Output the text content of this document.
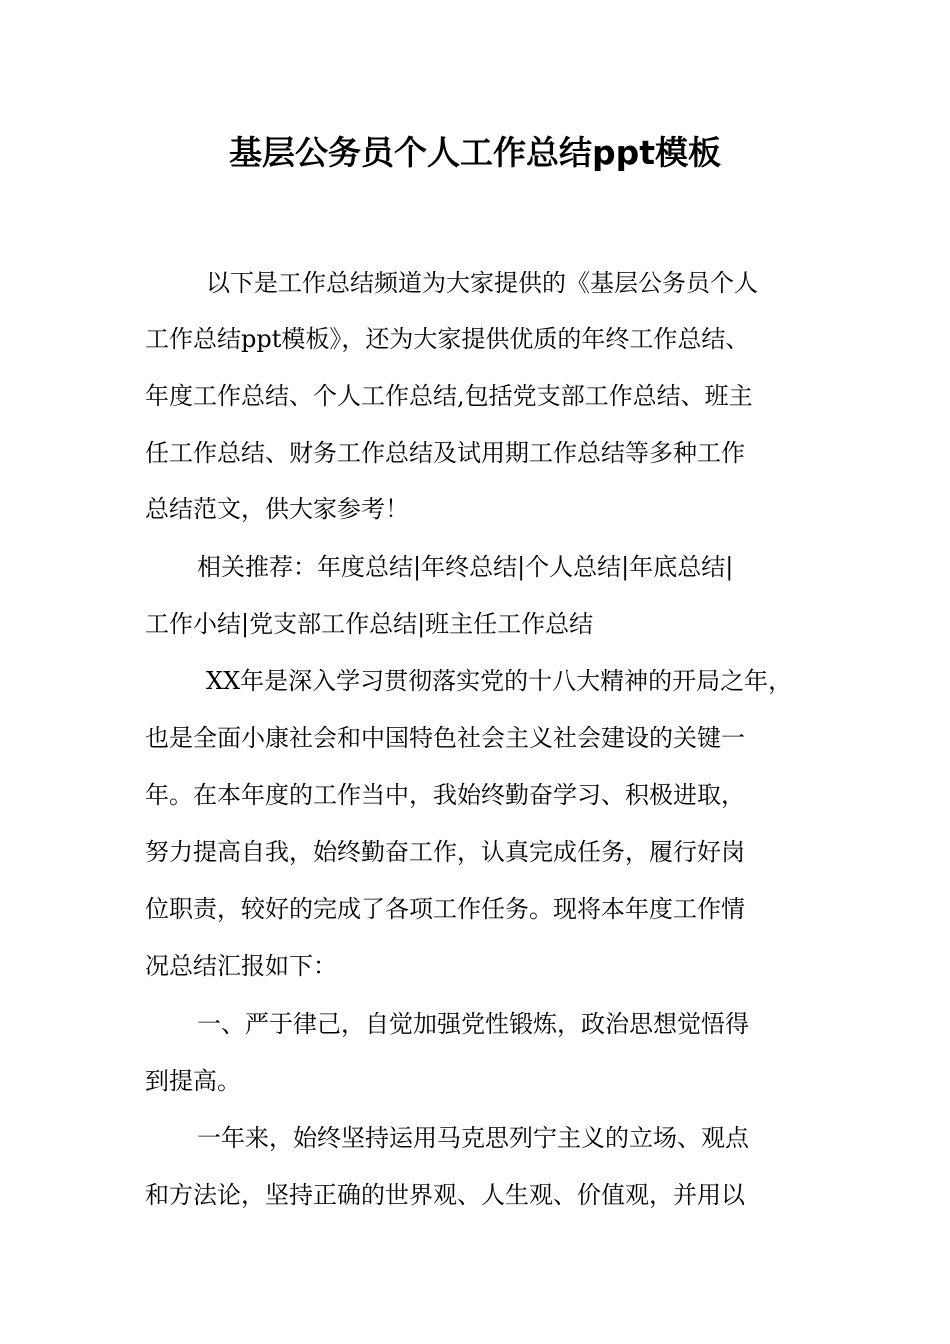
基层公务员个人工作总结ppt模板

以下是工作总结频道为大家提供的《基层公务员个人

工作总结ppt模板》，还为大家提供优质的年终工作总结、

年度工作总结、个人工作总结,包括党支部工作总结、班主

任工作总结、财务工作总结及试用期工作总结等多种工作

总结范文，供大家参考！

相关推荐：年度总结|年终总结|个人总结|年底总结|

工作小结|党支部工作总结|班主任工作总结

XX年是深入学习贯彻落实党的十八大精神的开局之年，

也是全面小康社会和中国特色社会主义社会建设的关键一

年。在本年度的工作当中，我始终勤奋学习、积极进取，

努力提高自我，始终勤奋工作，认真完成任务，履行好岗

位职责，较好的完成了各项工作任务。现将本年度工作情

况总结汇报如下：

一、严于律己，自觉加强党性锻炼，政治思想觉悟得

到提高。

一年来，始终坚持运用马克思列宁主义的立场、观点

和方法论，坚持正确的世界观、人生观、价值观，并用以
